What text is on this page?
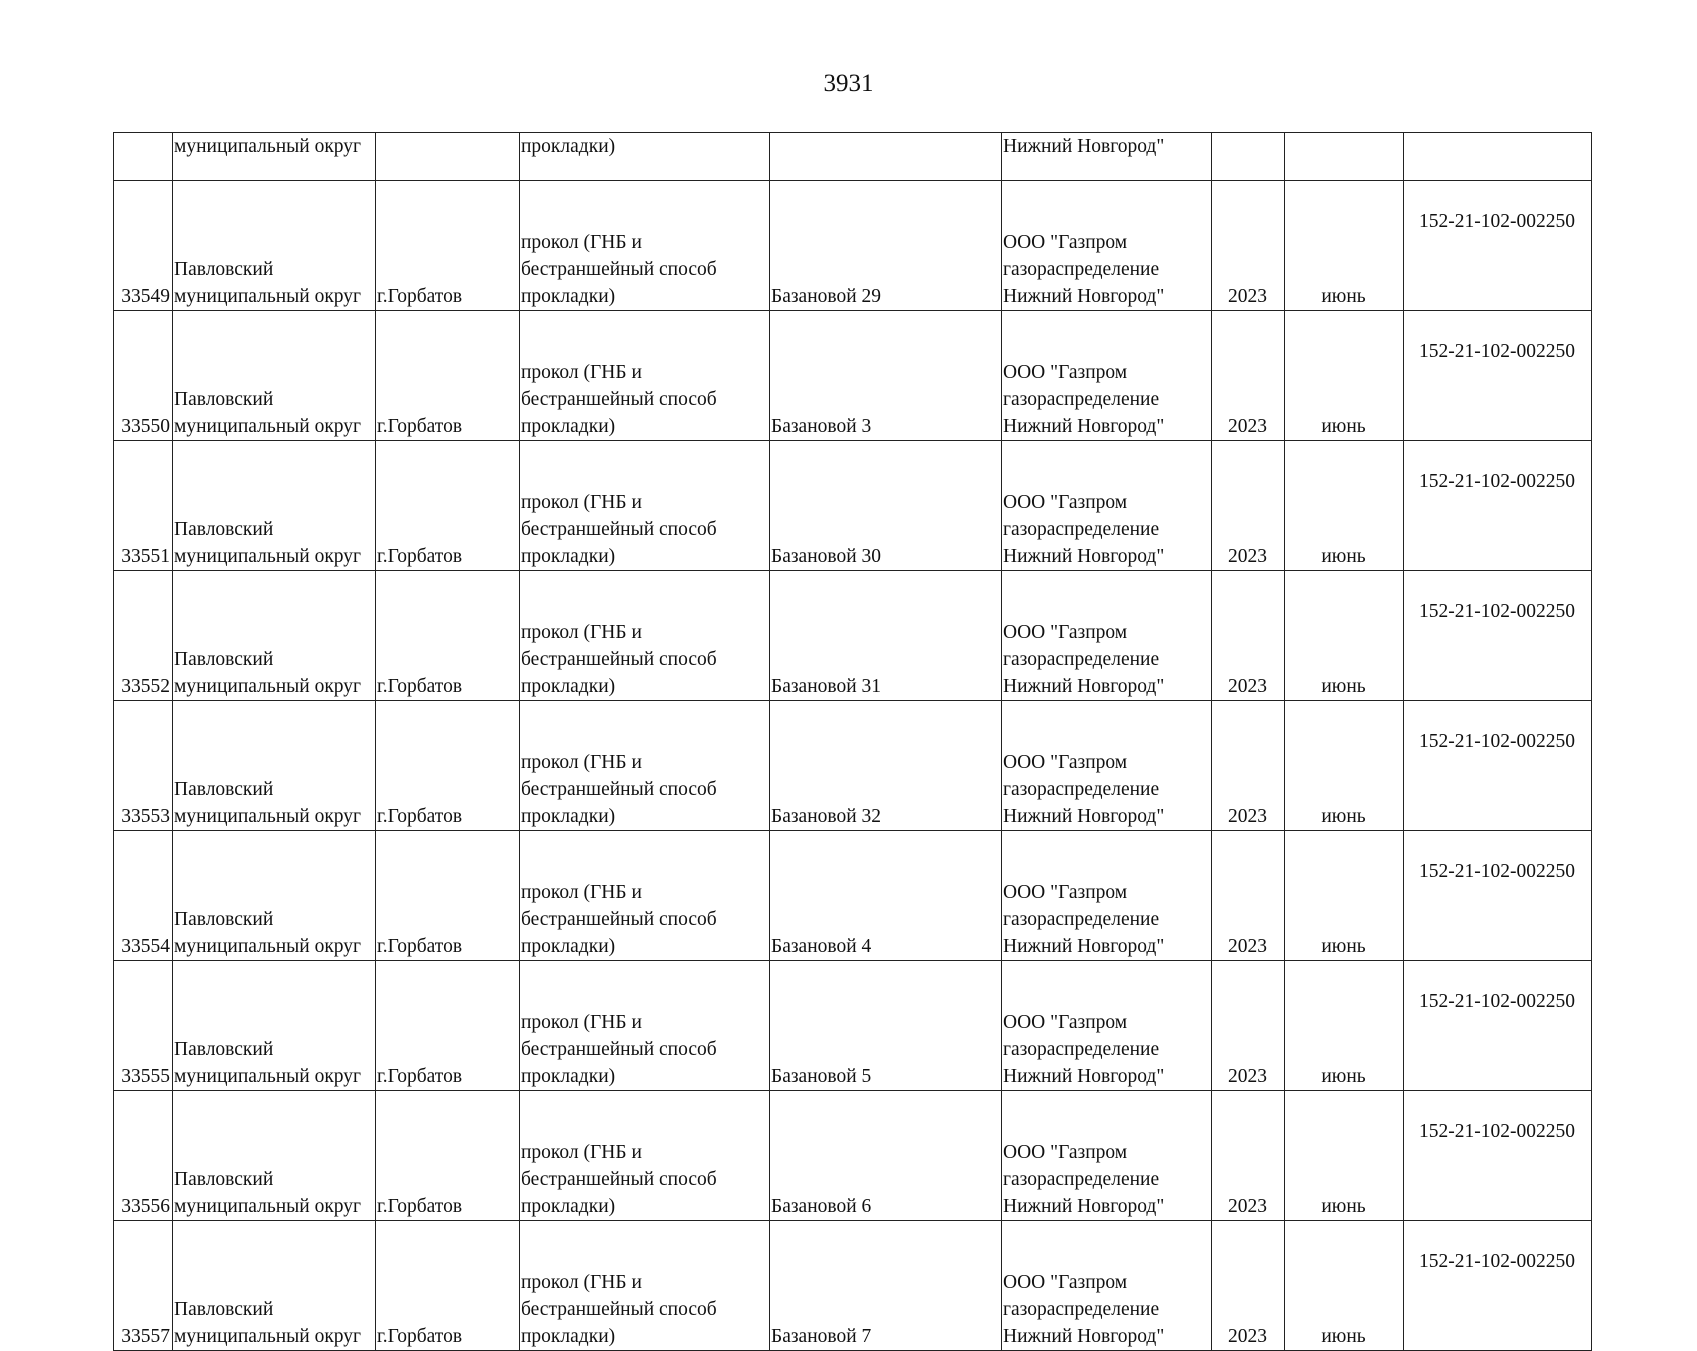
3931
	муниципальный округ		прокладки)		Нижний Новгород"			
33549	Павловский
муниципальный округ	г.Горбатов	прокол (ГНБ и
бестраншейный способ
прокладки)	Базановой 29	ООО "Газпром
газораспределение
Нижний Новгород"	2023	июнь	152-21-102-002250
33550	Павловский
муниципальный округ	г.Горбатов	прокол (ГНБ и
бестраншейный способ
прокладки)	Базановой 3	ООО "Газпром
газораспределение
Нижний Новгород"	2023	июнь	152-21-102-002250
33551	Павловский
муниципальный округ	г.Горбатов	прокол (ГНБ и
бестраншейный способ
прокладки)	Базановой 30	ООО "Газпром
газораспределение
Нижний Новгород"	2023	июнь	152-21-102-002250
33552	Павловский
муниципальный округ	г.Горбатов	прокол (ГНБ и
бестраншейный способ
прокладки)	Базановой 31	ООО "Газпром
газораспределение
Нижний Новгород"	2023	июнь	152-21-102-002250
33553	Павловский
муниципальный округ	г.Горбатов	прокол (ГНБ и
бестраншейный способ
прокладки)	Базановой 32	ООО "Газпром
газораспределение
Нижний Новгород"	2023	июнь	152-21-102-002250
33554	Павловский
муниципальный округ	г.Горбатов	прокол (ГНБ и
бестраншейный способ
прокладки)	Базановой 4	ООО "Газпром
газораспределение
Нижний Новгород"	2023	июнь	152-21-102-002250
33555	Павловский
муниципальный округ	г.Горбатов	прокол (ГНБ и
бестраншейный способ
прокладки)	Базановой 5	ООО "Газпром
газораспределение
Нижний Новгород"	2023	июнь	152-21-102-002250
33556	Павловский
муниципальный округ	г.Горбатов	прокол (ГНБ и
бестраншейный способ
прокладки)	Базановой 6	ООО "Газпром
газораспределение
Нижний Новгород"	2023	июнь	152-21-102-002250
33557	Павловский
муниципальный округ	г.Горбатов	прокол (ГНБ и
бестраншейный способ
прокладки)	Базановой 7	ООО "Газпром
газораспределение
Нижний Новгород"	2023	июнь	152-21-102-002250
